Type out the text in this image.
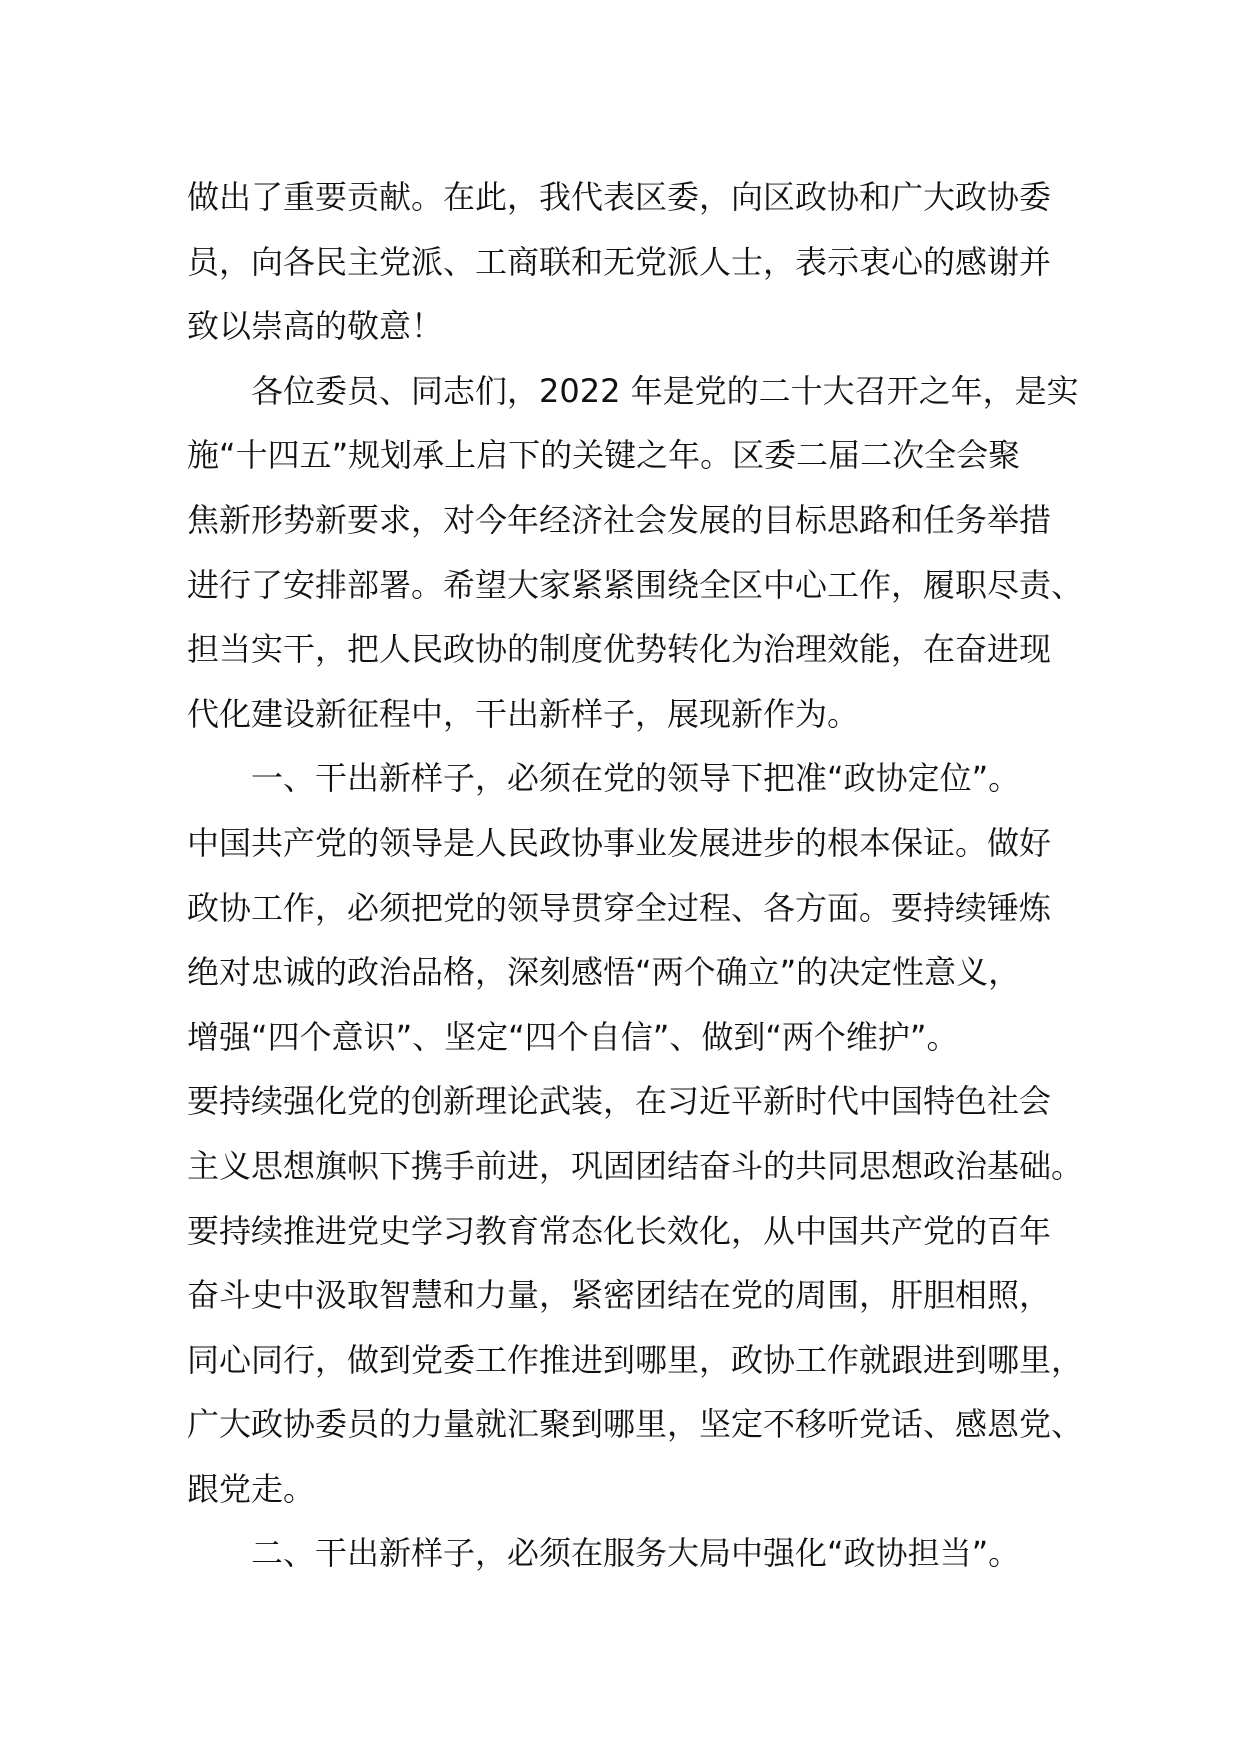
做出了重要贡献。在此，我代表区委，向区政协和广大政协委
员，向各民主党派、工商联和无党派人士，表示衷心的感谢并
致以崇高的敬意！
各位委员、同志们，2022 年是党的二十大召开之年，是实
施“十四五”规划承上启下的关键之年。区委二届二次全会聚
焦新形势新要求，对今年经济社会发展的目标思路和任务举措
进行了安排部署。希望大家紧紧围绕全区中心工作，履职尽责、
担当实干，把人民政协的制度优势转化为治理效能，在奋进现
代化建设新征程中，干出新样子，展现新作为。
一、干出新样子，必须在党的领导下把准“政协定位”。
中国共产党的领导是人民政协事业发展进步的根本保证。做好
政协工作，必须把党的领导贯穿全过程、各方面。要持续锤炼
绝对忠诚的政治品格，深刻感悟“两个确立”的决定性意义，
增强“四个意识”、坚定“四个自信”、做到“两个维护”。
要持续强化党的创新理论武装，在习近平新时代中国特色社会
主义思想旗帜下携手前进，巩固团结奋斗的共同思想政治基础。
要持续推进党史学习教育常态化长效化，从中国共产党的百年
奋斗史中汲取智慧和力量，紧密团结在党的周围，肝胆相照，
同心同行，做到党委工作推进到哪里，政协工作就跟进到哪里，
广大政协委员的力量就汇聚到哪里，坚定不移听党话、感恩党、
跟党走。
二、干出新样子，必须在服务大局中强化“政协担当”。
